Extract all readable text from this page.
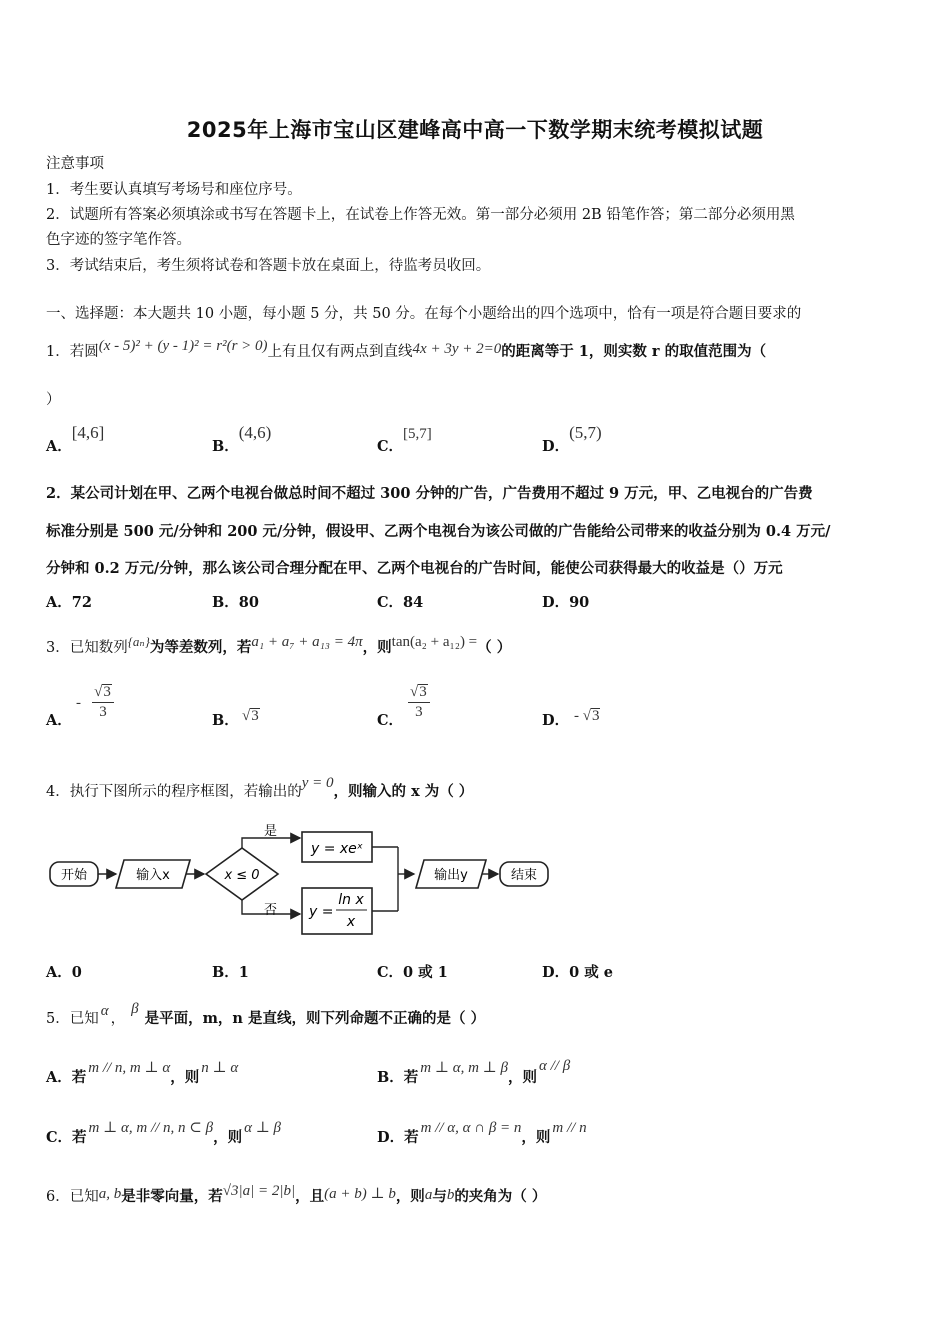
2025年上海市宝山区建峰高中高一下数学期末统考模拟试题
注意事项
1．考生要认真填写考场号和座位序号。
2．试题所有答案必须填涂或书写在答题卡上，在试卷上作答无效。第一部分必须用 2B 铅笔作答；第二部分必须用黑
色字迹的签字笔作答。
3．考试结束后，考生须将试卷和答题卡放在桌面上，待监考员收回。
一、选择题：本大题共 10 小题，每小题 5 分，共 50 分。在每个小题给出的四个选项中，恰有一项是符合题目要求的
1．若圆(x - 5)² + (y - 1)² = r²(r > 0)上有且仅有两点到直线4x + 3y + 2=0的距离等于 1，则实数 r 的取值范围为（
）
A．[4,6]
B．(4,6)
C．[5,7]
D．(5,7)
2．某公司计划在甲、乙两个电视台做总时间不超过 300 分钟的广告，广告费用不超过 9 万元，甲、乙电视台的广告费
标准分别是 500 元/分钟和 200 元/分钟，假设甲、乙两个电视台为该公司做的广告能给公司带来的收益分别为 0.4 万元/
分钟和 0.2 万元/分钟，那么该公司合理分配在甲、乙两个电视台的广告时间，能使公司获得最大的收益是（）万元
A．72	B．80	C．84	D．90
3．已知数列{aₙ}为等差数列，若a₁ + a₇ + a₁₃ = 4π，则tan(a₂ + a₁₂) =（ ）
A．
- $\frac{√3}{3}$	B． √3	C． $\frac{√3}{3}$	D． - √3
4．执行下图所示的程序框图，若输出的y = 0，则输入的 x 为（ ）
开始	输入x	x ≤ 0
是
y = xeˣ
否 y =
ln x
x
输出y	结束
A．0	B．1	C．0 或 1	D．0 或 e
5．已知 α ，β是平面，m，n 是直线，则下列命题不正确的是（ ）
A．若m // n, m ⊥ α，则n ⊥ α
B．若m ⊥ α, m ⊥ β，则α // β
C．若m ⊥ α, m // n, n ⊂ β，则α ⊥ β
D．若m // α, α ∩ β = n，则m // n
6．已知a, b是非零向量，若√3|a| = 2|b|，且(a + b) ⊥ b，则a与b的夹角为（ ）
